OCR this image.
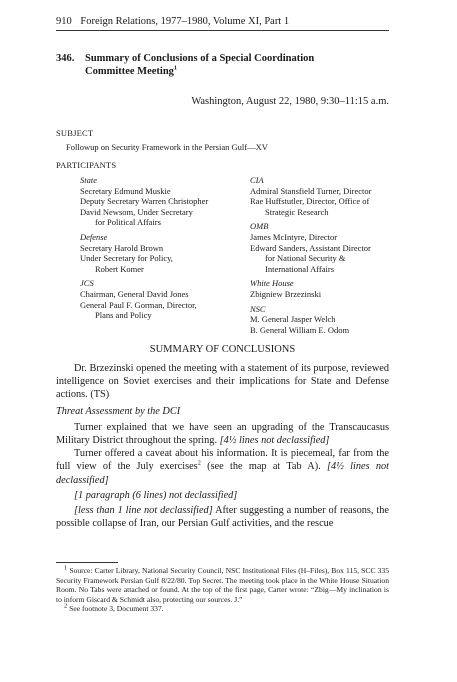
910 Foreign Relations, 1977–1980, Volume XI, Part 1
346. Summary of Conclusions of a Special Coordination
Committee Meeting$^1$
Washington, August 22, 1980, 9:30–11:15 a.m.
SUBJECT
Followup on Security Framework in the Persian Gulf—XV
PARTICIPANTS
State
Secretary Edmund Muskie
Deputy Secretary Warren Christopher
David Newsom, Under Secretary
for Political Affairs
Defense
Secretary Harold Brown
Under Secretary for Policy,
Robert Komer
JCS
Chairman, General David Jones
General Paul F. Gorman, Director,
Plans and Policy
CIA
Admiral Stansfield Turner, Director
Rae Huffstutler, Director, Office of
Strategic Research
OMB
James McIntyre, Director
Edward Sanders, Assistant Director
for National Security &
International Affairs
White House
Zbigniew Brzezinski
NSC
M. General Jasper Welch
B. General William E. Odom
SUMMARY OF CONCLUSIONS

Dr. Brzezinski opened the meeting with a statement of its purpose, reviewed intelligence on Soviet exercises and their implications for State and Defense actions. (TS)

Threat Assessment by the DCI

Turner explained that we have seen an upgrading of the Transcaucasus Military District throughout the spring. [4½ lines not declassified]

Turner offered a caveat about his information. It is piecemeal, far from the full view of the July exercises$^2$ (see the map at Tab A). [4½ lines not declassified]

[1 paragraph (6 lines) not declassified]

[less than 1 line not declassified] After suggesting a number of reasons, the possible collapse of Iran, our Persian Gulf activities, and the rescue

$^1$ Source: Carter Library, National Security Council, NSC Institutional Files (H–Files), Box 115, SCC 335 Security Framework Persian Gulf 8/22/80. Top Secret. The meeting took place in the White House Situation Room. No Tabs were attached or found. At the top of the first page, Carter wrote: “Zbig—My inclination is to inform Giscard & Schmidt also, protecting our sources. J.”

$^2$ See footnote 3, Document 337.
